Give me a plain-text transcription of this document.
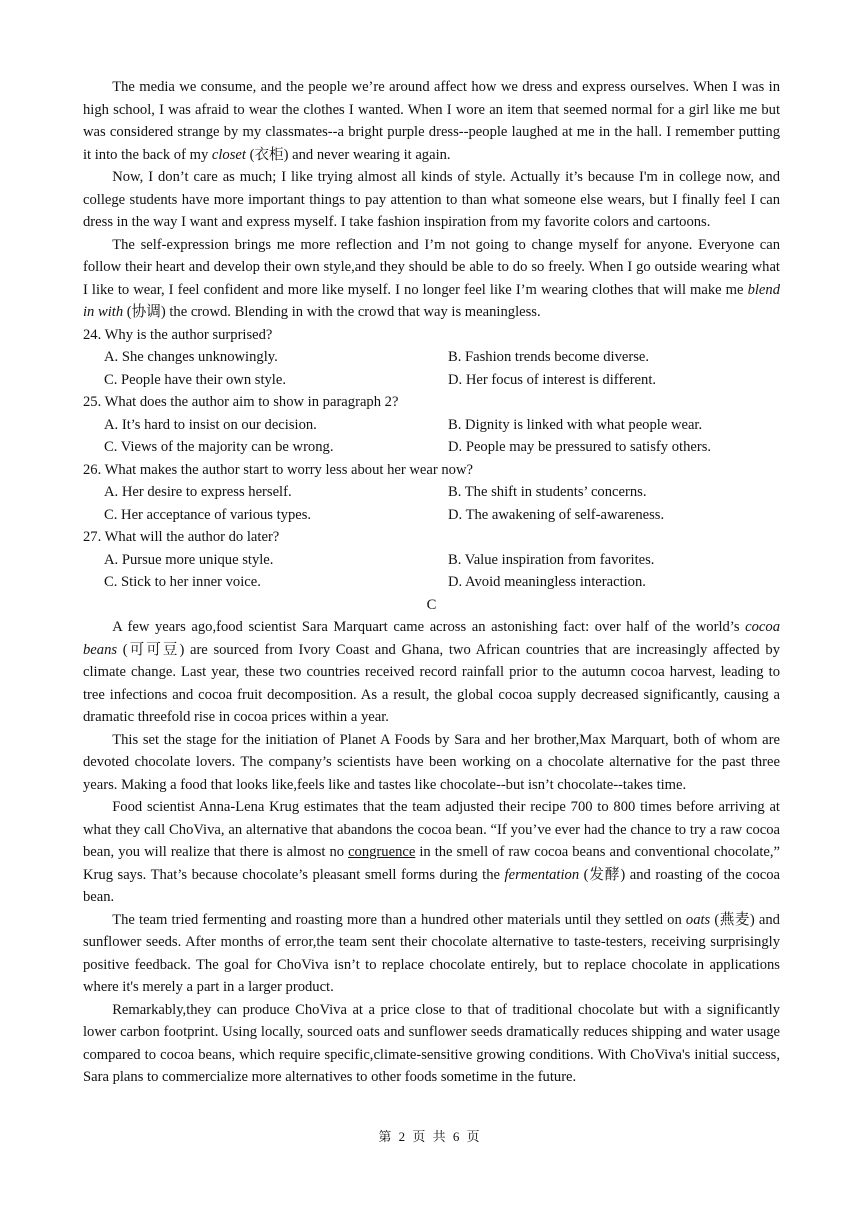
The media we consume, and the people we’re around affect how we dress and express ourselves. When I was in high school, I was afraid to wear the clothes I wanted. When I wore an item that seemed normal for a girl like me but was considered strange by my classmates--a bright purple dress--people laughed at me in the hall. I remember putting it into the back of my closet (衣柜) and never wearing it again.

Now, I don’t care as much; I like trying almost all kinds of style. Actually it’s because I'm in college now, and college students have more important things to pay attention to than what someone else wears, but I finally feel I can dress in the way I want and express myself. I take fashion inspiration from my favorite colors and cartoons.

The self-expression brings me more reflection and I’m not going to change myself for anyone. Everyone can follow their heart and develop their own style,and they should be able to do so freely. When I go outside wearing what I like to wear, I feel confident and more like myself. I no longer feel like I’m wearing clothes that will make me blend in with (协调) the crowd. Blending in with the crowd that way is meaningless.

24. Why is the author surprised?
A. She changes unknowingly.	B. Fashion trends become diverse.
C. People have their own style.	D. Her focus of interest is different.
25. What does the author aim to show in paragraph 2?
A. It’s hard to insist on our decision.	B. Dignity is linked with what people wear.
C. Views of the majority can be wrong.	D. People may be pressured to satisfy others.
26. What makes the author start to worry less about her wear now?
A. Her desire to express herself.	B. The shift in students’ concerns.
C. Her acceptance of various types.	D. The awakening of self-awareness.
27. What will the author do later?
A. Pursue more unique style.	B. Value inspiration from favorites.
C. Stick to her inner voice.	D. Avoid meaningless interaction.
C

A few years ago,food scientist Sara Marquart came across an astonishing fact: over half of the world’s cocoa beans (可可豆) are sourced from Ivory Coast and Ghana, two African countries that are increasingly affected by climate change. Last year, these two countries received record rainfall prior to the autumn cocoa harvest, leading to tree infections and cocoa fruit decomposition. As a result, the global cocoa supply decreased significantly, causing a dramatic threefold rise in cocoa prices within a year.

This set the stage for the initiation of Planet A Foods by Sara and her brother,Max Marquart, both of whom are devoted chocolate lovers. The company’s scientists have been working on a chocolate alternative for the past three years. Making a food that looks like,feels like and tastes like chocolate--but isn’t chocolate--takes time.

Food scientist Anna-Lena Krug estimates that the team adjusted their recipe 700 to 800 times before arriving at what they call ChoViva, an alternative that abandons the cocoa bean. “If you’ve ever had the chance to try a raw cocoa bean, you will realize that there is almost no congruence in the smell of raw cocoa beans and conventional chocolate,” Krug says. That’s because chocolate’s pleasant smell forms during the fermentation (发酵) and roasting of the cocoa bean.

The team tried fermenting and roasting more than a hundred other materials until they settled on oats (燕麦) and sunflower seeds. After months of error,the team sent their chocolate alternative to taste-testers, receiving surprisingly positive feedback. The goal for ChoViva isn’t to replace chocolate entirely, but to replace chocolate in applications where it's merely a part in a larger product.

Remarkably,they can produce ChoViva at a price close to that of traditional chocolate but with a significantly lower carbon footprint. Using locally, sourced oats and sunflower seeds dramatically reduces shipping and water usage compared to cocoa beans, which require specific,climate-sensitive growing conditions. With ChoViva's initial success, Sara plans to commercialize more alternatives to other foods sometime in the future.

第 2 页 共 6 页
